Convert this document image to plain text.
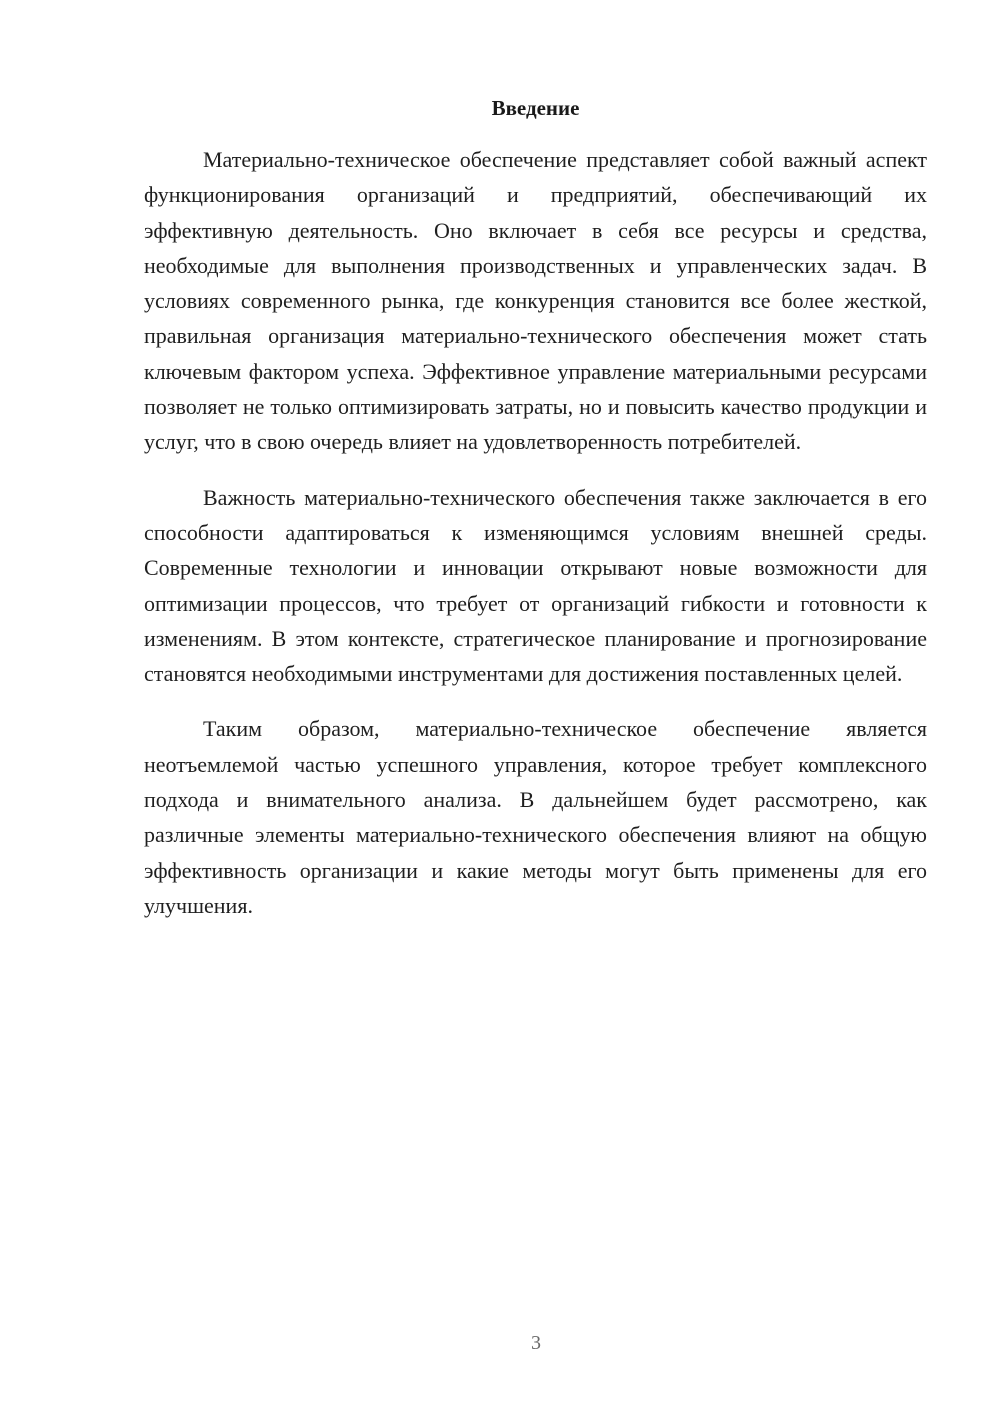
Введение

Материально-техническое обеспечение представляет собой важный аспект функционирования организаций и предприятий, обеспечивающий их эффективную деятельность. Оно включает в себя все ресурсы и средства, необходимые для выполнения производственных и управленческих задач. В условиях современного рынка, где конкуренция становится все более жесткой, правильная организация материально-технического обеспечения может стать ключевым фактором успеха. Эффективное управление материальными ресурсами позволяет не только оптимизировать затраты, но и повысить качество продукции и услуг, что в свою очередь влияет на удовлетворенность потребителей.

Важность материально-технического обеспечения также заключается в его способности адаптироваться к изменяющимся условиям внешней среды. Современные технологии и инновации открывают новые возможности для оптимизации процессов, что требует от организаций гибкости и готовности к изменениям. В этом контексте, стратегическое планирование и прогнозирование становятся необходимыми инструментами для достижения поставленных целей.

Таким образом, материально-техническое обеспечение является неотъемлемой частью успешного управления, которое требует комплексного подхода и внимательного анализа. В дальнейшем будет рассмотрено, как различные элементы материально-технического обеспечения влияют на общую эффективность организации и какие методы могут быть применены для его улучшения.

3
